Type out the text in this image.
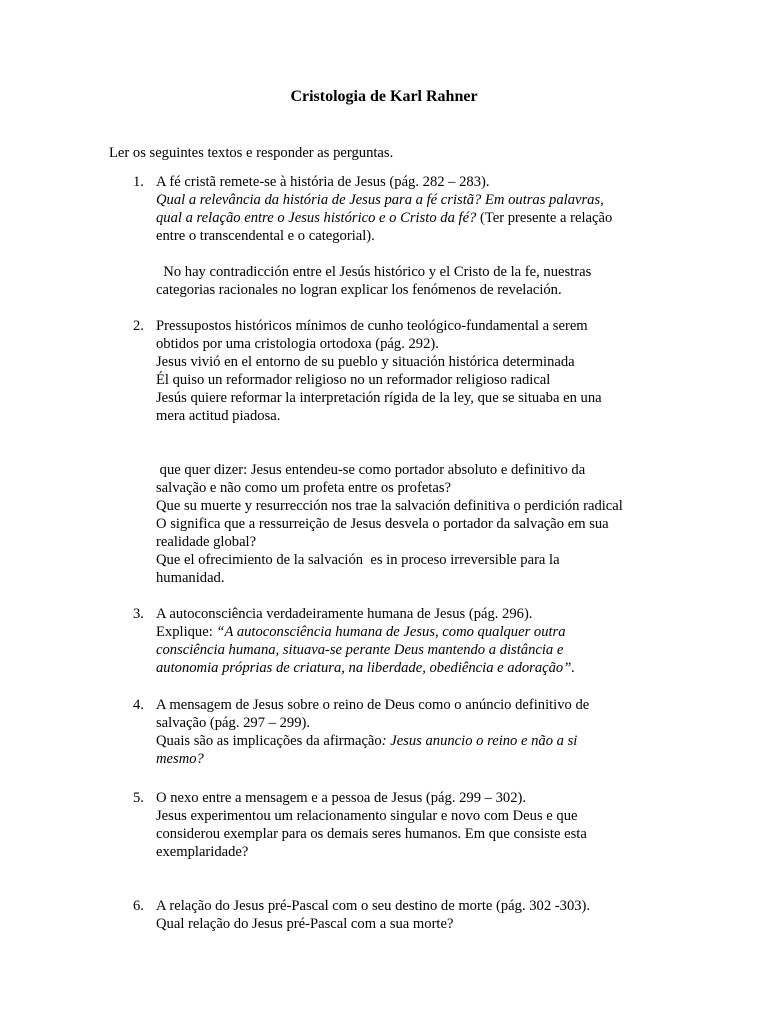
Cristologia de Karl Rahner
Ler os seguintes textos e responder as perguntas.
1. A fé cristã remete-se à história de Jesus (pág. 282 – 283).
Qual a relevância da história de Jesus para a fé cristã? Em outras palavras,
qual a relação entre o Jesus histórico e o Cristo da fé? (Ter presente a relação
entre o transcendental e o categorial).
No hay contradicción entre el Jesús histórico y el Cristo de la fe, nuestras
categorias racionales no logran explicar los fenómenos de revelación.
2. Pressupostos históricos mínimos de cunho teológico-fundamental a serem
obtidos por uma cristologia ortodoxa (pág. 292).
Jesus vivió en el entorno de su pueblo y situación histórica determinada
Él quiso un reformador religioso no un reformador religioso radical
Jesús quiere reformar la interpretación rígida de la ley, que se situaba en una
mera actitud piadosa.
que quer dizer: Jesus entendeu-se como portador absoluto e definitivo da
salvação e não como um profeta entre os profetas?
Que su muerte y resurrección nos trae la salvación definitiva o perdición radical
O significa que a ressurreição de Jesus desvela o portador da salvação em sua
realidade global?
Que el ofrecimiento de la salvación  es in proceso irreversible para la
humanidad.
3. A autoconsciência verdadeiramente humana de Jesus (pág. 296).
Explique: “A autoconsciência humana de Jesus, como qualquer outra
consciência humana, situava-se perante Deus mantendo a distância e
autonomia próprias de criatura, na liberdade, obediência e adoração”.
4. A mensagem de Jesus sobre o reino de Deus como o anúncio definitivo de
salvação (pág. 297 – 299).
Quais são as implicações da afirmação: Jesus anuncio o reino e não a si
mesmo?
5. O nexo entre a mensagem e a pessoa de Jesus (pág. 299 – 302).
Jesus experimentou um relacionamento singular e novo com Deus e que
considerou exemplar para os demais seres humanos. Em que consiste esta
exemplaridade?
6. A relação do Jesus pré-Pascal com o seu destino de morte (pág. 302 -303).
Qual relação do Jesus pré-Pascal com a sua morte?
